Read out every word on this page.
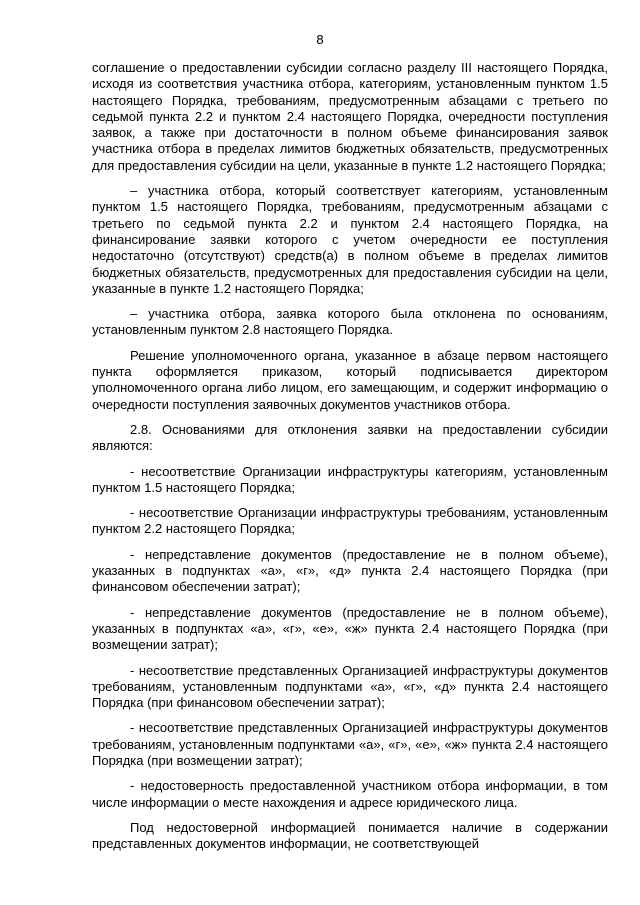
8

соглашение о предоставлении субсидии согласно разделу III настоящего Порядка, исходя из соответствия участника отбора, категориям, установленным пунктом 1.5 настоящего Порядка, требованиям, предусмотренным абзацами с третьего по седьмой пункта 2.2 и пунктом 2.4 настоящего Порядка, очередности поступления заявок, а также при достаточности в полном объеме финансирования заявок участника отбора в пределах лимитов бюджетных обязательств, предусмотренных для предоставления субсидии на цели, указанные в пункте 1.2 настоящего Порядка;

– участника отбора, который соответствует категориям, установленным пунктом 1.5 настоящего Порядка, требованиям, предусмотренным абзацами с третьего по седьмой пункта 2.2 и пунктом 2.4 настоящего Порядка, на финансирование заявки которого с учетом очередности ее поступления недостаточно (отсутствуют) средств(а) в полном объеме в пределах лимитов бюджетных обязательств, предусмотренных для предоставления субсидии на цели, указанные в пункте 1.2 настоящего Порядка;

– участника отбора, заявка которого была отклонена по основаниям, установленным пунктом 2.8 настоящего Порядка.

Решение уполномоченного органа, указанное в абзаце первом настоящего пункта оформляется приказом, который подписывается директором уполномоченного органа либо лицом, его замещающим, и содержит информацию о очередности поступления заявочных документов участников отбора.

2.8. Основаниями для отклонения заявки на предоставлении субсидии являются:

- несоответствие Организации инфраструктуры категориям, установленным пунктом 1.5 настоящего Порядка;

- несоответствие Организации инфраструктуры требованиям, установленным пунктом 2.2 настоящего Порядка;

- непредставление документов (предоставление не в полном объеме), указанных в подпунктах «а», «г», «д» пункта 2.4 настоящего Порядка (при финансовом обеспечении затрат);

- непредставление документов (предоставление не в полном объеме), указанных в подпунктах «а», «г», «е», «ж» пункта 2.4 настоящего Порядка (при возмещении затрат);

- несоответствие представленных Организацией инфраструктуры документов требованиям, установленным подпунктами «а», «г», «д» пункта 2.4 настоящего Порядка (при финансовом обеспечении затрат);

- несоответствие представленных Организацией инфраструктуры документов требованиям, установленным подпунктами «а», «г», «е», «ж» пункта 2.4 настоящего Порядка (при возмещении затрат);

- недостоверность предоставленной участником отбора информации, в том числе информации о месте нахождения и адресе юридического лица.

Под недостоверной информацией понимается наличие в содержании представленных документов информации, не соответствующей
